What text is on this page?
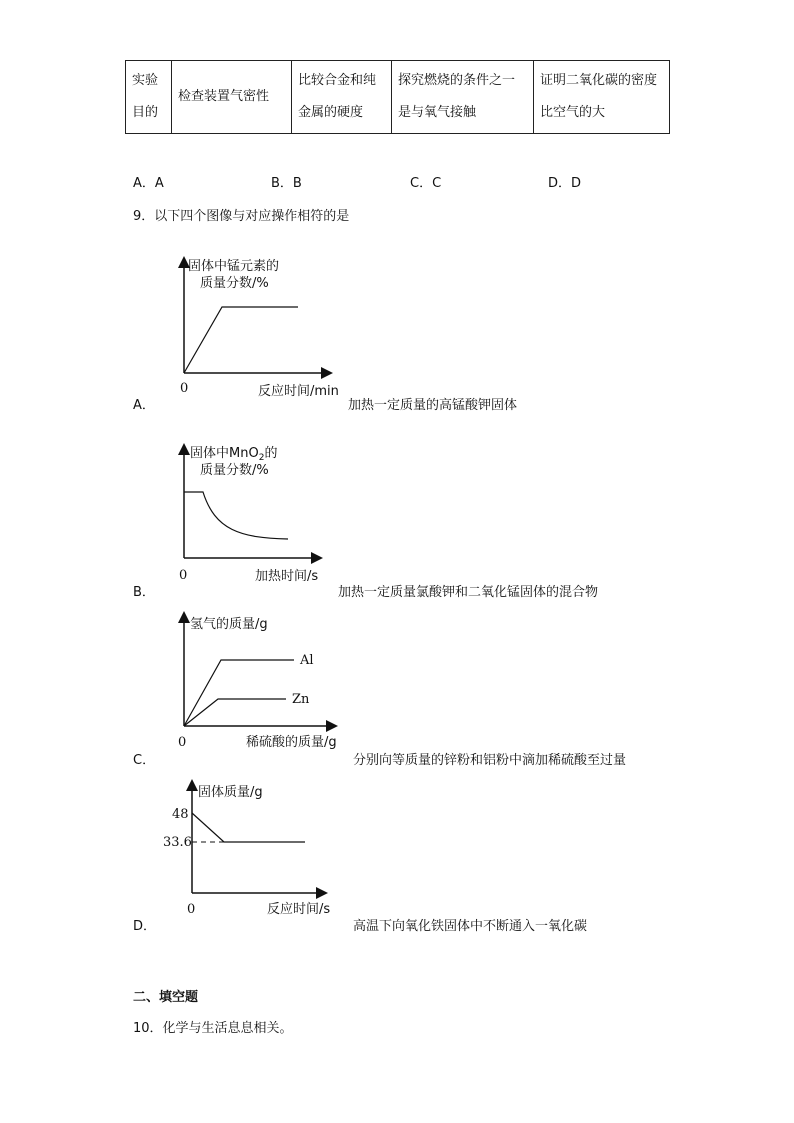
实验目的	检查装置气密性	比较合金和纯金属的硬度	探究燃烧的条件之一是与氧气接触	证明二氧化碳的密度比空气的大
A．A	B．B	C．C	D．D
9．以下四个图像与对应操作相符的是
固体中锰元素的
质量分数/%
0	反应时间/min
A．	加热一定质量的高锰酸钾固体
固体中MnO$_2$的
质量分数/%
0	加热时间/s
B．	加热一定质量氯酸钾和二氧化锰固体的混合物
氢气的质量/g
Al
Zn
0	稀硫酸的质量/g
C．	分别向等质量的锌粉和铝粉中滴加稀硫酸至过量
固体质量/g
48
33.6
0	反应时间/s
D．	高温下向氧化铁固体中不断通入一氧化碳
二、填空题
10．化学与生活息息相关。
